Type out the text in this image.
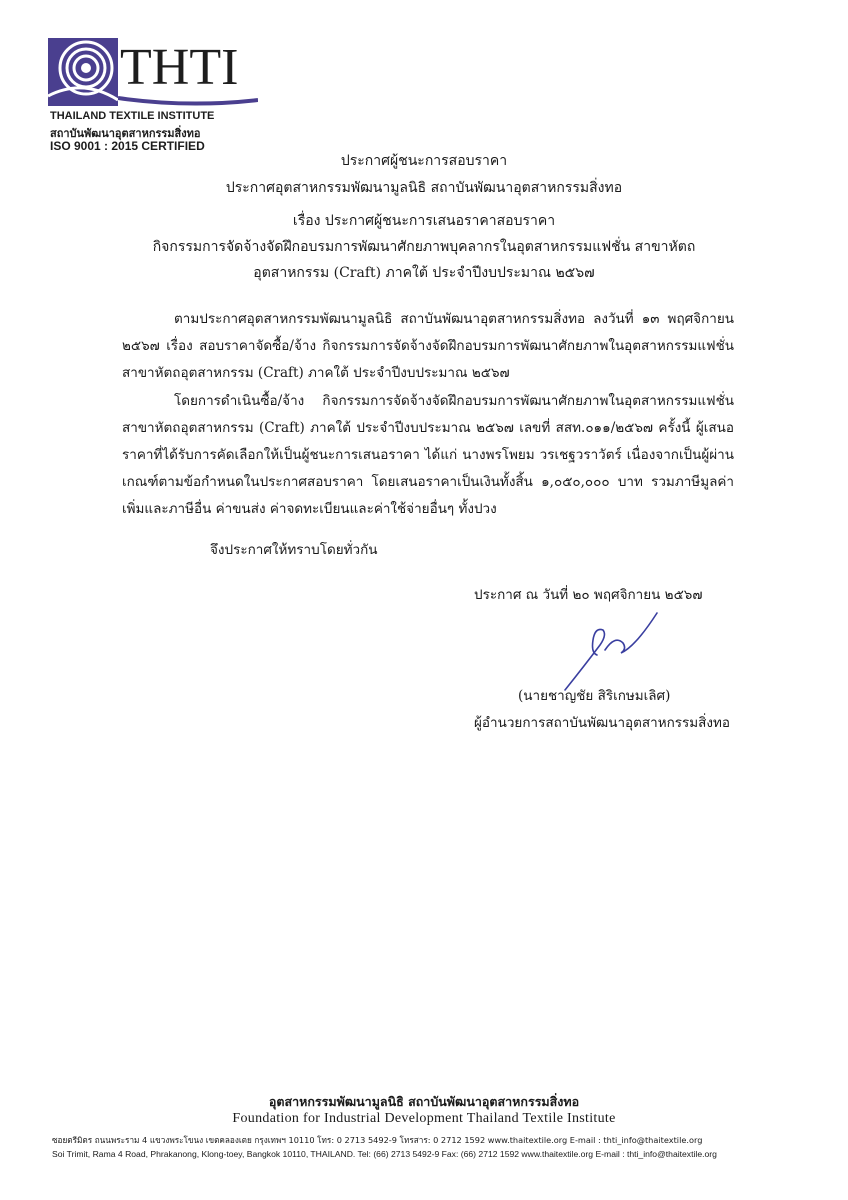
THTI
THAILAND TEXTILE INSTITUTE
สถาบันพัฒนาอุตสาหกรรมสิ่งทอ
ISO 9001 : 2015 CERTIFIED
ประกาศผู้ชนะการสอบราคา
ประกาศอุตสาหกรรมพัฒนามูลนิธิ สถาบันพัฒนาอุตสาหกรรมสิ่งทอ
เรื่อง ประกาศผู้ชนะการเสนอราคาสอบราคา
กิจกรรมการจัดจ้างจัดฝึกอบรมการพัฒนาศักยภาพบุคลากรในอุตสาหกรรมแฟชั่น สาขาหัตถ
อุตสาหกรรม (Craft) ภาคใต้ ประจำปีงบประมาณ ๒๕๖๗

ตามประกาศอุตสาหกรรมพัฒนามูลนิธิ สถาบันพัฒนาอุตสาหกรรมสิ่งทอ ลงวันที่ ๑๓ พฤศจิกายน ๒๕๖๗ เรื่อง สอบราคาจัดซื้อ/จ้าง กิจกรรมการจัดจ้างจัดฝึกอบรมการพัฒนาศักยภาพในอุตสาหกรรมแฟชั่นสาขาหัตถอุตสาหกรรม (Craft) ภาคใต้ ประจำปีงบประมาณ ๒๕๖๗

โดยการดำเนินซื้อ/จ้าง กิจกรรมการจัดจ้างจัดฝึกอบรมการพัฒนาศักยภาพในอุตสาหกรรมแฟชั่นสาขาหัตถอุตสาหกรรม (Craft) ภาคใต้ ประจำปีงบประมาณ ๒๕๖๗ เลขที่ สสท.๐๑๑/๒๕๖๗ ครั้งนี้ ผู้เสนอราคาที่ได้รับการคัดเลือกให้เป็นผู้ชนะการเสนอราคา ได้แก่ นางพรโพยม วรเชฐวราวัตร์ เนื่องจากเป็นผู้ผ่านเกณฑ์ตามข้อกำหนดในประกาศสอบราคา โดยเสนอราคาเป็นเงินทั้งสิ้น ๑,๐๕๐,๐๐๐ บาท รวมภาษีมูลค่าเพิ่มและภาษีอื่น ค่าขนส่ง ค่าจดทะเบียนและค่าใช้จ่ายอื่นๆ ทั้งปวง

จึงประกาศให้ทราบโดยทั่วกัน
ประกาศ ณ วันที่ ๒๐ พฤศจิกายน ๒๕๖๗
(นายชาญชัย สิริเกษมเลิศ)
ผู้อำนวยการสถาบันพัฒนาอุตสาหกรรมสิ่งทอ
อุตสาหกรรมพัฒนามูลนิธิ สถาบันพัฒนาอุตสาหกรรมสิ่งทอ
Foundation for Industrial Development Thailand Textile Institute
ซอยตรีมิตร ถนนพระราม 4 แขวงพระโขนง เขตคลองเตย กรุงเทพฯ 10110 โทร: 0 2713 5492-9 โทรสาร: 0 2712 1592 www.thaitextile.org E-mail : thti_info@thaitextile.org
Soi Trimit, Rama 4 Road, Phrakanong, Klong-toey, Bangkok 10110, THAILAND. Tel: (66) 2713 5492-9 Fax: (66) 2712 1592 www.thaitextile.org E-mail : thti_info@thaitextile.org
